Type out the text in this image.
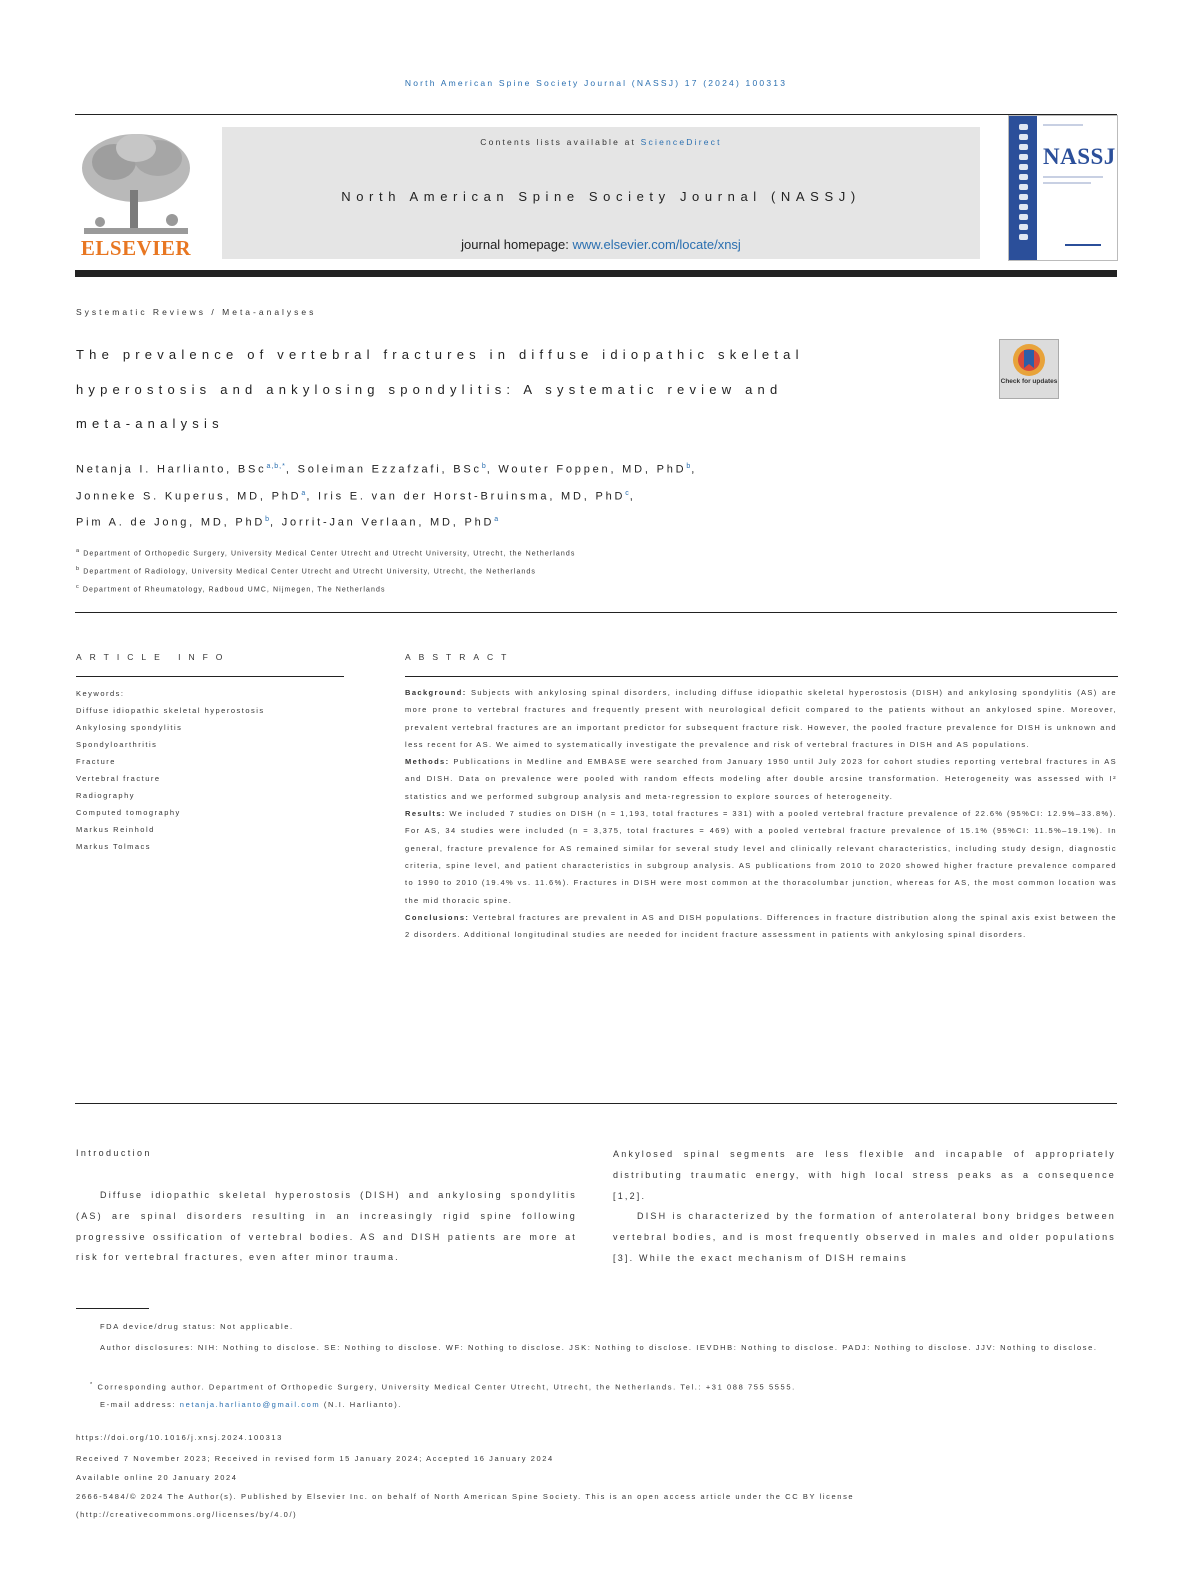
North American Spine Society Journal (NASSJ) 17 (2024) 100313
ELSEVIER
Contents lists available at ScienceDirect
North American Spine Society Journal (NASSJ)
journal homepage: www.elsevier.com/locate/xnsj
NASSJ
Systematic Reviews / Meta-analyses
The prevalence of vertebral fractures in diffuse idiopathic skeletal
hyperostosis and ankylosing spondylitis: A systematic review and
meta-analysis
Check for updates
Netanja I. Harlianto, BSc$^{a,b,*}$, Soleiman Ezzafzafi, BSc$^b$, Wouter Foppen, MD, PhD$^b$,
Jonneke S. Kuperus, MD, PhD$^a$, Iris E. van der Horst-Bruinsma, MD, PhD$^c$,
Pim A. de Jong, MD, PhD$^b$, Jorrit-Jan Verlaan, MD, PhD$^a$
$^a$ Department of Orthopedic Surgery, University Medical Center Utrecht and Utrecht University, Utrecht, the Netherlands
$^b$ Department of Radiology, University Medical Center Utrecht and Utrecht University, Utrecht, the Netherlands
$^c$ Department of Rheumatology, Radboud UMC, Nijmegen, The Netherlands
ARTICLE INFO
Keywords:
Diffuse idiopathic skeletal hyperostosis
Ankylosing spondylitis
Spondyloarthritis
Fracture
Vertebral fracture
Radiography
Computed tomography
Markus Reinhold
Markus Tolmacs
ABSTRACT
Background: Subjects with ankylosing spinal disorders, including diffuse idiopathic skeletal hyperostosis (DISH) and ankylosing spondylitis (AS) are more prone to vertebral fractures and frequently present with neurological deficit compared to the patients without an ankylosed spine. Moreover, prevalent vertebral fractures are an important predictor for subsequent fracture risk. However, the pooled fracture prevalence for DISH is unknown and less recent for AS. We aimed to systematically investigate the prevalence and risk of vertebral fractures in DISH and AS populations.
Methods: Publications in Medline and EMBASE were searched from January 1950 until July 2023 for cohort studies reporting vertebral fractures in AS and DISH. Data on prevalence were pooled with random effects modeling after double arcsine transformation. Heterogeneity was assessed with I² statistics and we performed subgroup analysis and meta-regression to explore sources of heterogeneity.
Results: We included 7 studies on DISH (n = 1,193, total fractures = 331) with a pooled vertebral fracture prevalence of 22.6% (95%CI: 12.9%–33.8%). For AS, 34 studies were included (n = 3,375, total fractures = 469) with a pooled vertebral fracture prevalence of 15.1% (95%CI: 11.5%–19.1%). In general, fracture prevalence for AS remained similar for several study level and clinically relevant characteristics, including study design, diagnostic criteria, spine level, and patient characteristics in subgroup analysis. AS publications from 2010 to 2020 showed higher fracture prevalence compared to 1990 to 2010 (19.4% vs. 11.6%). Fractures in DISH were most common at the thoracolumbar junction, whereas for AS, the most common location was the mid thoracic spine.
Conclusions: Vertebral fractures are prevalent in AS and DISH populations. Differences in fracture distribution along the spinal axis exist between the 2 disorders. Additional longitudinal studies are needed for incident fracture assessment in patients with ankylosing spinal disorders.
Introduction
Diffuse idiopathic skeletal hyperostosis (DISH) and ankylosing spondylitis (AS) are spinal disorders resulting in an increasingly rigid spine following progressive ossification of vertebral bodies. AS and DISH patients are more at risk for vertebral fractures, even after minor trauma.
Ankylosed spinal segments are less flexible and incapable of appropriately distributing traumatic energy, with high local stress peaks as a consequence [1,2].
DISH is characterized by the formation of anterolateral bony bridges between vertebral bodies, and is most frequently observed in males and older populations [3]. While the exact mechanism of DISH remains
FDA device/drug status: Not applicable.
Author disclosures: NIH: Nothing to disclose. SE: Nothing to disclose. WF: Nothing to disclose. JSK: Nothing to disclose. IEVDHB: Nothing to disclose. PADJ: Nothing to disclose. JJV: Nothing to disclose.
* Corresponding author. Department of Orthopedic Surgery, University Medical Center Utrecht, Utrecht, the Netherlands. Tel.: +31 088 755 5555.
E-mail address: netanja.harlianto@gmail.com (N.I. Harlianto).
https://doi.org/10.1016/j.xnsj.2024.100313
Received 7 November 2023; Received in revised form 15 January 2024; Accepted 16 January 2024
Available online 20 January 2024
2666-5484/© 2024 The Author(s). Published by Elsevier Inc. on behalf of North American Spine Society. This is an open access article under the CC BY license
(http://creativecommons.org/licenses/by/4.0/)
